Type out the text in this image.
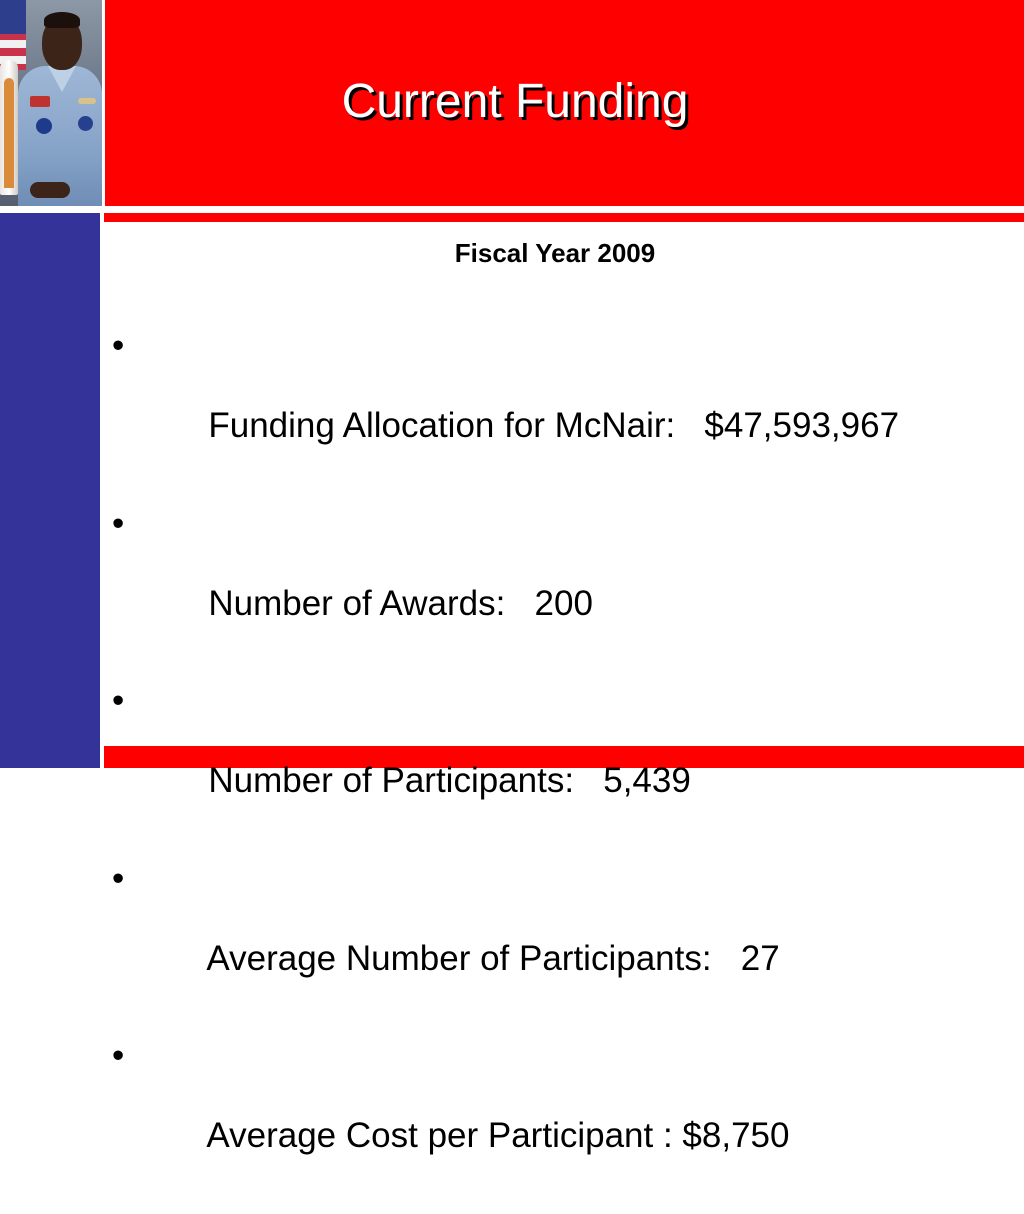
Current Funding
Fiscal Year 2009

•

Funding Allocation for McNair:   $47,593,967

•

Number of Awards:   200

•

Number of Participants:   5,439

•

Average Number of Participants:   27

•

Average Cost per Participant : $8,750
